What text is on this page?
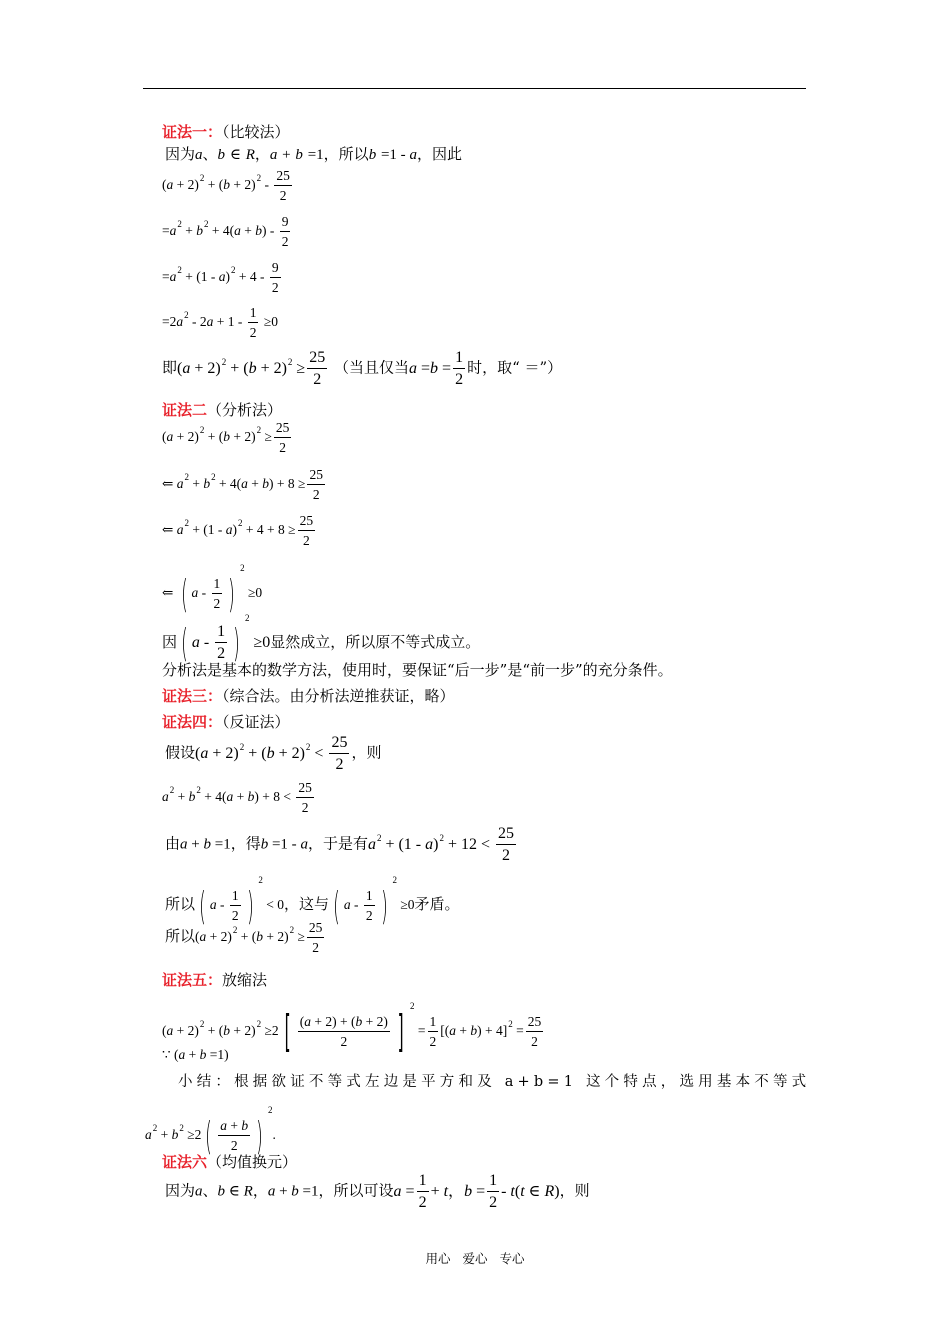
证法一：（比较法）
因为a、b ∈ R，a + b =1，所以b =1 - a，因此
$(a + 2)^2 + (b + 2)^2 - \frac{25}{2}$
$=a^2 + b^2 + 4(a + b) - \frac{9}{2}$
$=a^2 + (1 - a)^2 + 4 - \frac{9}{2}$
$=2a^2 - 2a + 1 - \frac{1}{2} \ge 0$
即$(a + 2)^2 + (b + 2)^2 \ge \frac{25}{2}$ （当且仅当$a =b = \frac{1}{2}$ 时，取“ ＝”）
证法二（分析法）
$(a + 2)^2 + (b + 2)^2 \ge \frac{25}{2}$
⇐ $a^2 + b^2 + 4(a + b) + 8 \ge \frac{25}{2}$
⇐ $a^2 + (1 - a)^2 + 4 + 8 \ge \frac{25}{2}$
⇐ ( $a - \frac{1}{2} )^2 \ge 0$
因 ( $a - \frac{1}{2} )^2 \ge 0$显然成立，所以原不等式成立。
分析法是基本的数学方法，使用时，要保证“后一步”是“前一步”的充分条件。
证法三：（综合法。由分析法逆推获证，略）
证法四：（反证法）
假设$(a + 2)^2 + (b + 2)^2 < \frac{25}{2}$ ，则
$a^2 + b^2 + 4(a + b) + 8 < \frac{25}{2}$
由a + b =1，得b =1 - a，于是有$a^2 + (1 - a)^2 + 12 < \frac{25}{2}$
所以 ( $a - \frac{1}{2} )^2 < 0$，这与 ( $a - \frac{1}{2} )^2 \ge 0$矛盾。
所以$(a + 2)^2 + (b + 2)^2 \ge \frac{25}{2}$
证法五：放缩法
$(a + 2)^2 + (b + 2)^2 \ge 2$ [ $\frac{(a + 2) + (b + 2)}{2}$ ] $^2 = \frac{1}{2} [(a + b) + 4]^2 = \frac{25}{2}$
∵ (a + b =1)
小结：根据欲证不等式左边是平方和及 a+b=1 这个特点，选用基本不等式
$a^2 + b^2 \ge 2$ ( $\frac{a + b}{2} )^2$.
证法六（均值换元）
因为a、b ∈ R，a + b =1，所以可设$a = \frac{1}{2} + t$，$b = \frac{1}{2} - t(t$ ∈ R)，则
用心 爱心 专心
